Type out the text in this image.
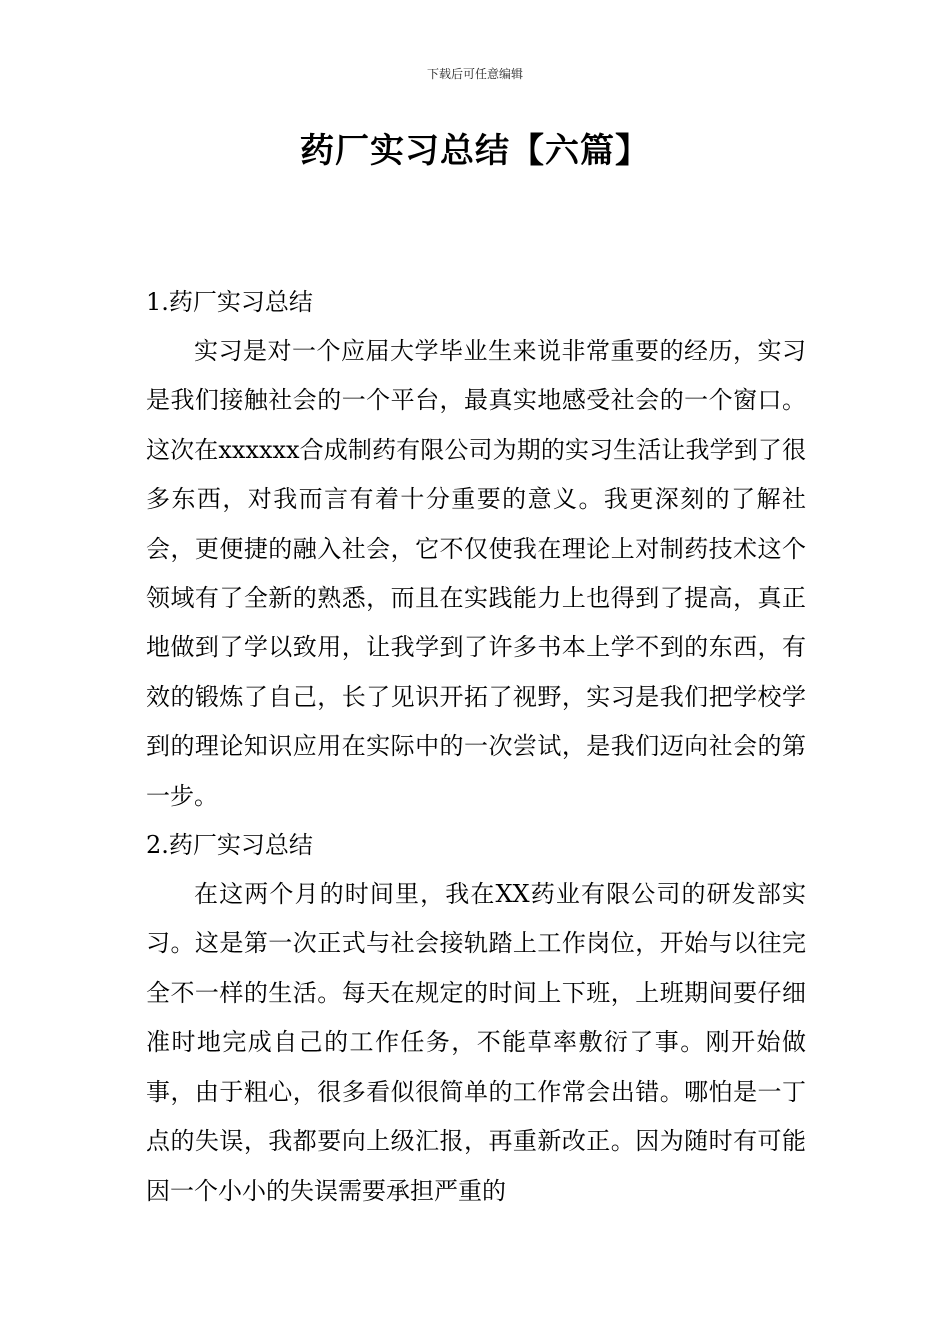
下载后可任意编辑
药厂实习总结【六篇】

1.药厂实习总结

实习是对一个应届大学毕业生来说非常重要的经历，实习是我们接触社会的一个平台，最真实地感受社会的一个窗口。这次在xxxxxx合成制药有限公司为期的实习生活让我学到了很多东西，对我而言有着十分重要的意义。我更深刻的了解社会，更便捷的融入社会，它不仅使我在理论上对制药技术这个领域有了全新的熟悉，而且在实践能力上也得到了提高，真正地做到了学以致用，让我学到了许多书本上学不到的东西，有效的锻炼了自己，长了见识开拓了视野，实习是我们把学校学到的理论知识应用在实际中的一次尝试，是我们迈向社会的第一步。

2.药厂实习总结

在这两个月的时间里，我在XX药业有限公司的研发部实习。这是第一次正式与社会接轨踏上工作岗位，开始与以往完全不一样的生活。每天在规定的时间上下班，上班期间要仔细准时地完成自己的工作任务，不能草率敷衍了事。刚开始做事，由于粗心，很多看似很简单的工作常会出错。哪怕是一丁点的失误，我都要向上级汇报，再重新改正。因为随时有可能因一个小小的失误需要承担严重的
